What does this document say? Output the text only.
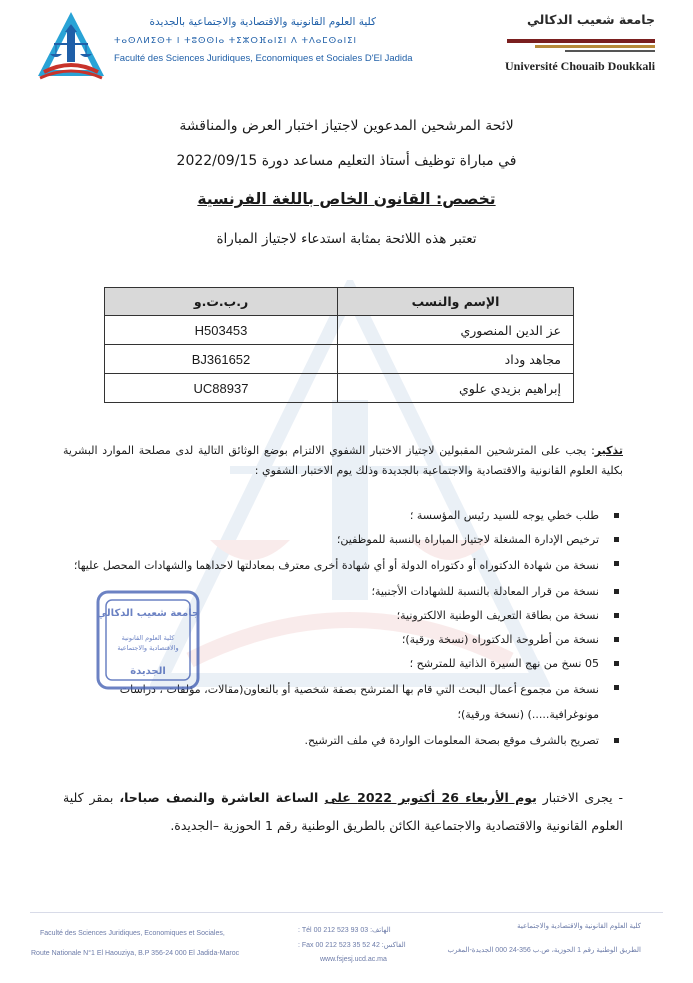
كلية العلوم القانونية والاقتصادية والاجتماعية بالجديدة
ⵜⴰⵙⴷⵍⵉⵙⵜ ⵏ ⵜⵓⵙⵙⵏⴰ ⵜⵉⵣⵔⴼⴰⵏⵉⵏ ⴷ ⵜⴷⴰⵎⵙⴰⵏⵉⵏ
Faculté des Sciences Juridiques, Economiques et Sociales D'El Jadida
جامعة شعيب الدكالي
Université Chouaib Doukkali
لائحة المرشحين المدعوين لاجتياز اختبار العرض والمناقشة
في مباراة توظيف أستاذ التعليم مساعد دورة 2022/09/15
تخصص: القانون الخاص باللغة الفرنسية
تعتبر هذه اللائحة بمثابة استدعاء لاجتياز المباراة
الإسم والنسب	ر.ب.ت.و
عز الدين المنصوري	H503453
مجاهد وداد	BJ361652
إبراهيم بزيدي علوي	UC88937
تذكير: يجب على المترشحين المقبولين لاجتياز الاختبار الشفوي الالتزام بوضع الوثائق التالية لدى مصلحة الموارد البشرية بكلية العلوم القانونية والاقتصادية والاجتماعية بالجديدة وذلك يوم الاختبار الشفوي :
طلب خطي يوجه للسيد رئيس المؤسسة ؛
ترخيص الإدارة المشغلة لاجتياز المباراة بالنسبة للموظفين؛
نسخة من شهادة الدكتوراه أو دكتوراه الدولة أو أي شهادة أخرى معترف بمعادلتها لاحداهما والشهادات المحصل عليها؛
نسخة من قرار المعادلة بالنسبة للشهادات الأجنبية؛
نسخة من بطاقة التعريف الوطنية الالكترونية؛
نسخة من أطروحة الدكتوراه (نسخة ورقية)؛
05 نسخ من نهج السيرة الذاتية للمترشح ؛
نسخة من مجموع أعمال البحث التي قام بها المترشح بصفة شخصية أو بالتعاون(مقالات، مؤلفات ، دراسات مونوغرافية.....) (نسخة ورقية)؛
تصريح بالشرف موقع بصحة المعلومات الواردة في ملف الترشيح.
جامعة شعيب الدكالي
كلية العلوم القانونية
والاقتصادية والاجتماعية
الجديدة
- يجرى الاختبار يوم الأربعاء 26 أكتوبر 2022 على الساعة العاشرة والنصف صباحا، بمقر كلية العلوم القانونية والاقتصادية والاجتماعية الكائن بالطريق الوطنية رقم 1 الحوزية –الجديدة.
Faculté des Sciences Juridiques, Economiques et Sociales,
Route Nationale N°1 El Haouziya, B.P 356-24 000 El Jadida-Maroc
الهاتف: 03 93 523 212 00 Tél :
الفاكس: 42 52 35 523 212 00 Fax :
www.fsjesj.ucd.ac.ma
كلية العلوم القانونية والاقتصادية والاجتماعية
الطريق الوطنية رقم 1 الحوزية، ص.ب 356-24 000 الجديدة-المغرب
